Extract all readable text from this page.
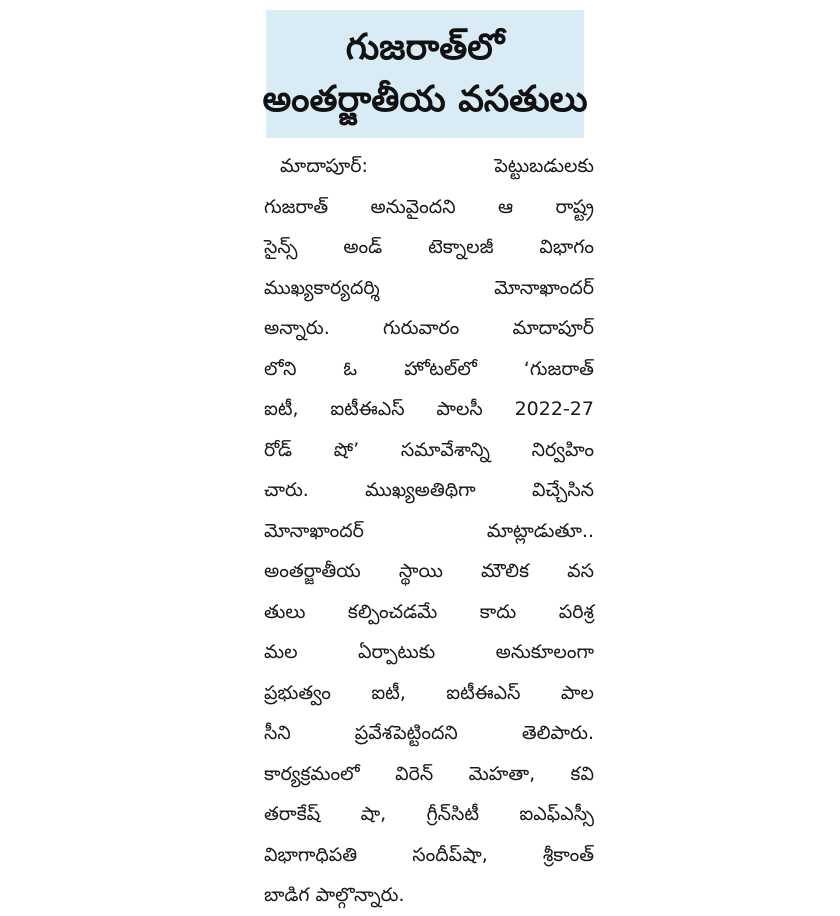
గుజరాత్‌లో
అంతర్జాతీయ వసతులు
మాదాపూర్:	పెట్టుబడులకు
గుజరాత్ అనువైందని ఆ రాష్ట్ర
సైన్స్ అండ్ టెక్నాలజీ విభాగం
ముఖ్యకార్యదర్శి	మోనాఖాందర్
అన్నారు.	గురువారం	మాదాపూర్
లోని ఓ హోటల్‌లో ‘గుజరాత్
ఐటీ, ఐటీఈఎస్ పాలసీ 2022-27
రోడ్ షో’ సమావేశాన్ని నిర్వహిం
చారు.	ముఖ్యఅతిథిగా	విచ్చేసిన
మోనాఖాందర్	మాట్లాడుతూ..
అంతర్జాతీయ స్థాయి మౌలిక వస
తులు కల్పించడమే కాదు పరిశ్ర
మల	ఏర్పాటుకు	అనుకూలంగా
ప్రభుత్వం ఐటీ, ఐటీఈఎస్ పాల
సీని	ప్రవేశపెట్టిందని	తెలిపారు.
కార్యక్రమంలో విరెన్ మెహతా, కవి
తరాకేష్ షా, గ్రీన్‌సిటీ ఐఎఫ్ఎస్సీ
విభాగాధిపతి	సందీప్‌షా,	శ్రీకాంత్
బాడిగ పాల్గొన్నారు.
